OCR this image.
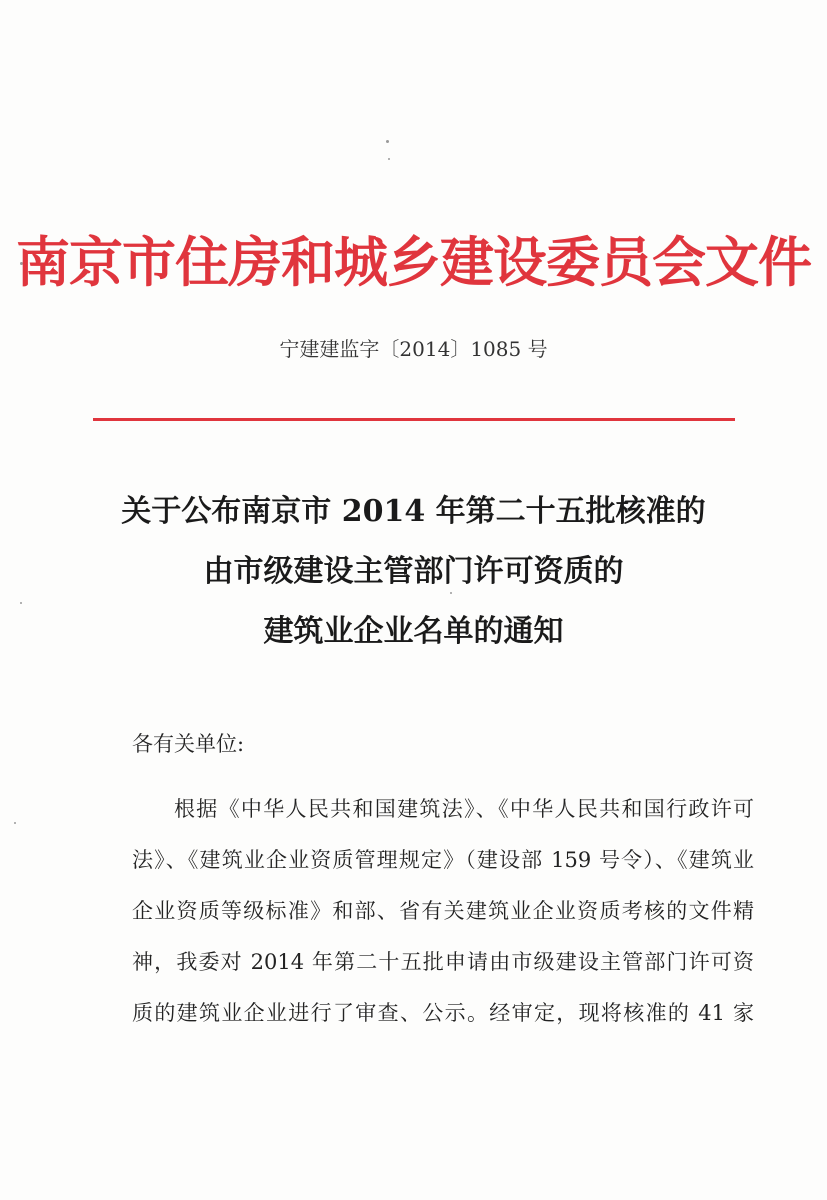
南京市住房和城乡建设委员会文件
宁建建监字〔2014〕1085 号
关于公布南京市 2014 年第二十五批核准的
由市级建设主管部门许可资质的
建筑业企业名单的通知
各有关单位:
根据《中华人民共和国建筑法》、《中华人民共和国行政许可
法》、《建筑业企业资质管理规定》（建设部 159 号令）、《建筑业
企业资质等级标准》和部、省有关建筑业企业资质考核的文件精
神，我委对 2014 年第二十五批申请由市级建设主管部门许可资
质的建筑业企业进行了审查、公示。经审定，现将核准的 41 家
